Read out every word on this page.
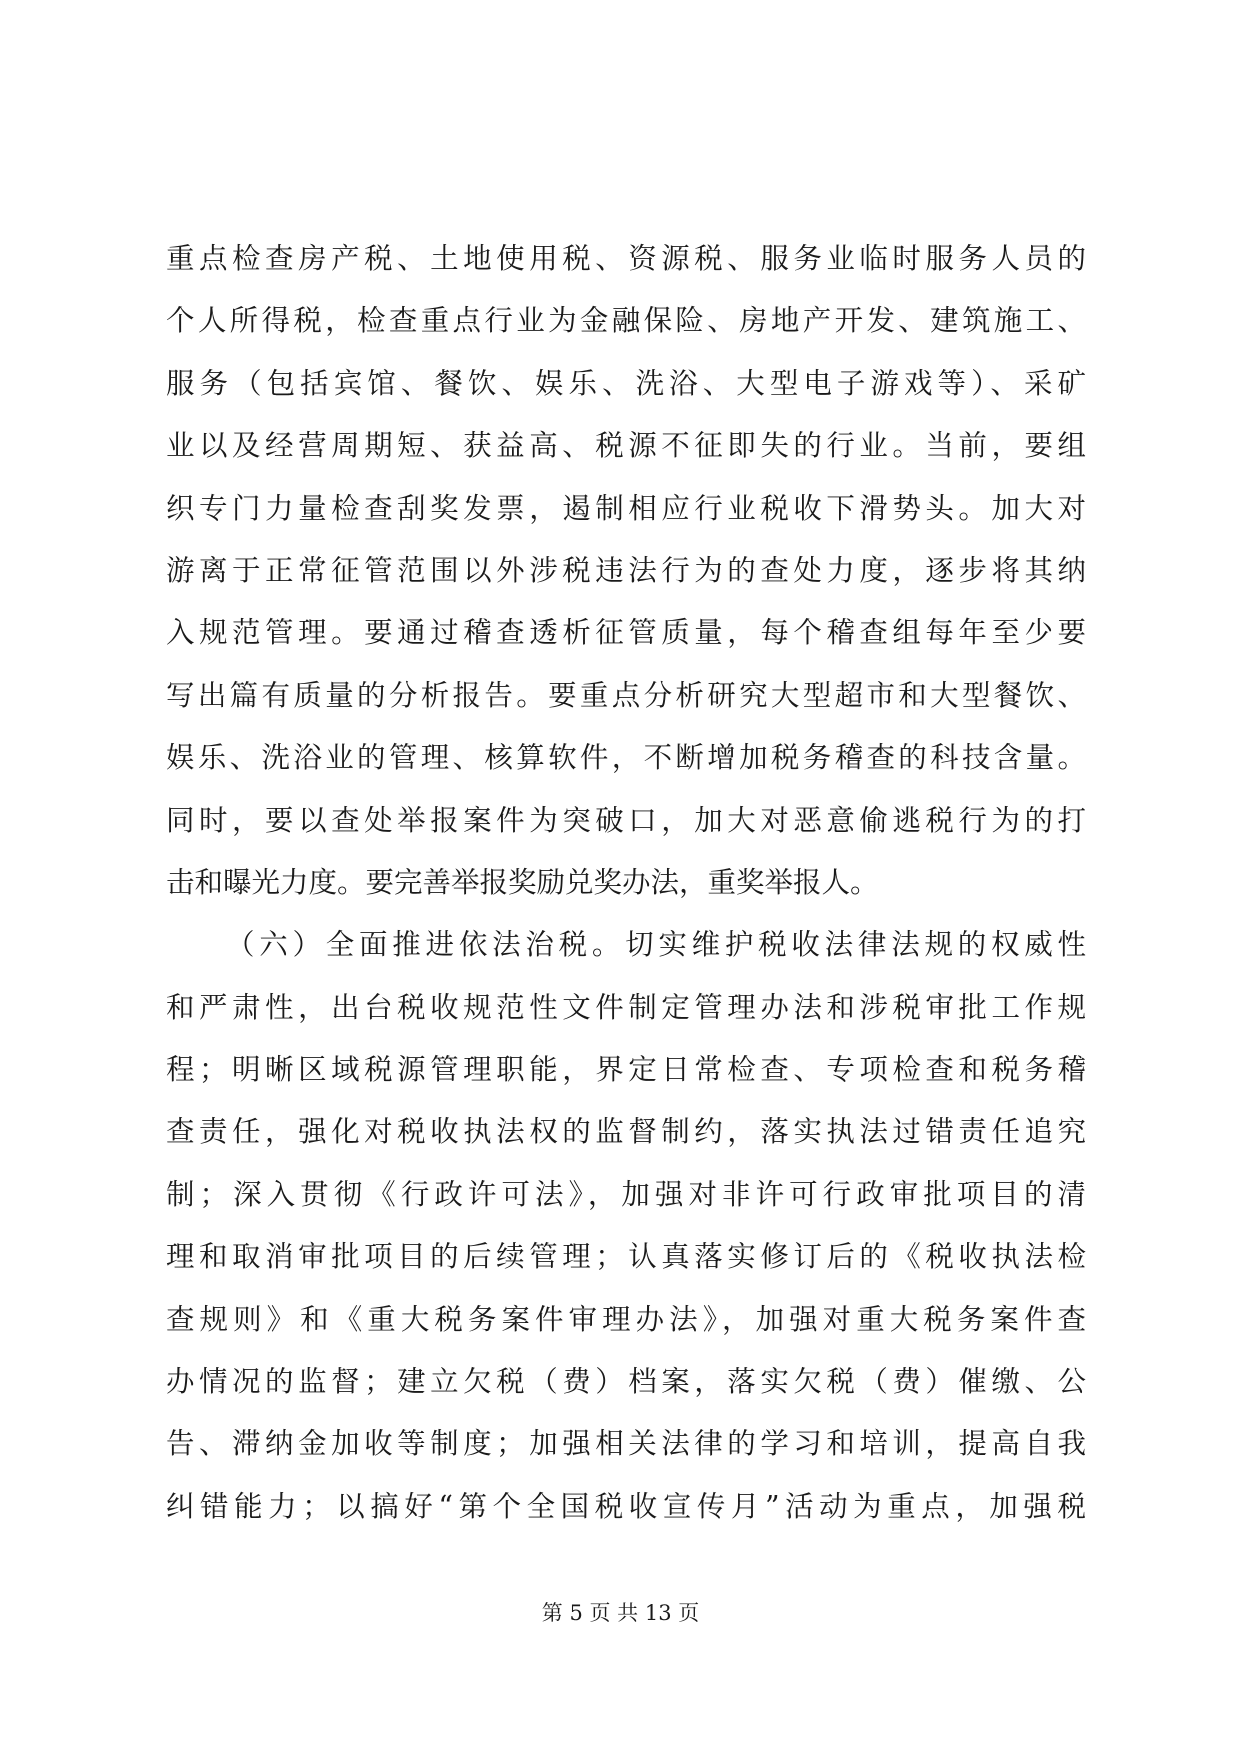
重点检查房产税、土地使用税、资源税、服务业临时服务人员的
个人所得税，检查重点行业为金融保险、房地产开发、建筑施工、
服务（包括宾馆、餐饮、娱乐、洗浴、大型电子游戏等）、采矿
业以及经营周期短、获益高、税源不征即失的行业。当前，要组
织专门力量检查刮奖发票，遏制相应行业税收下滑势头。加大对
游离于正常征管范围以外涉税违法行为的查处力度，逐步将其纳
入规范管理。要通过稽查透析征管质量，每个稽查组每年至少要
写出篇有质量的分析报告。要重点分析研究大型超市和大型餐饮、
娱乐、洗浴业的管理、核算软件，不断增加税务稽查的科技含量。
同时，要以查处举报案件为突破口，加大对恶意偷逃税行为的打
击和曝光力度。要完善举报奖励兑奖办法，重奖举报人。
（六）全面推进依法治税。切实维护税收法律法规的权威性
和严肃性，出台税收规范性文件制定管理办法和涉税审批工作规
程；明晰区域税源管理职能，界定日常检查、专项检查和税务稽
查责任，强化对税收执法权的监督制约，落实执法过错责任追究
制；深入贯彻《行政许可法》，加强对非许可行政审批项目的清
理和取消审批项目的后续管理；认真落实修订后的《税收执法检
查规则》和《重大税务案件审理办法》，加强对重大税务案件查
办情况的监督；建立欠税（费）档案，落实欠税（费）催缴、公
告、滞纳金加收等制度；加强相关法律的学习和培训，提高自我
纠错能力；以搞好“第个全国税收宣传月”活动为重点，加强税
第 5 页 共 13 页
